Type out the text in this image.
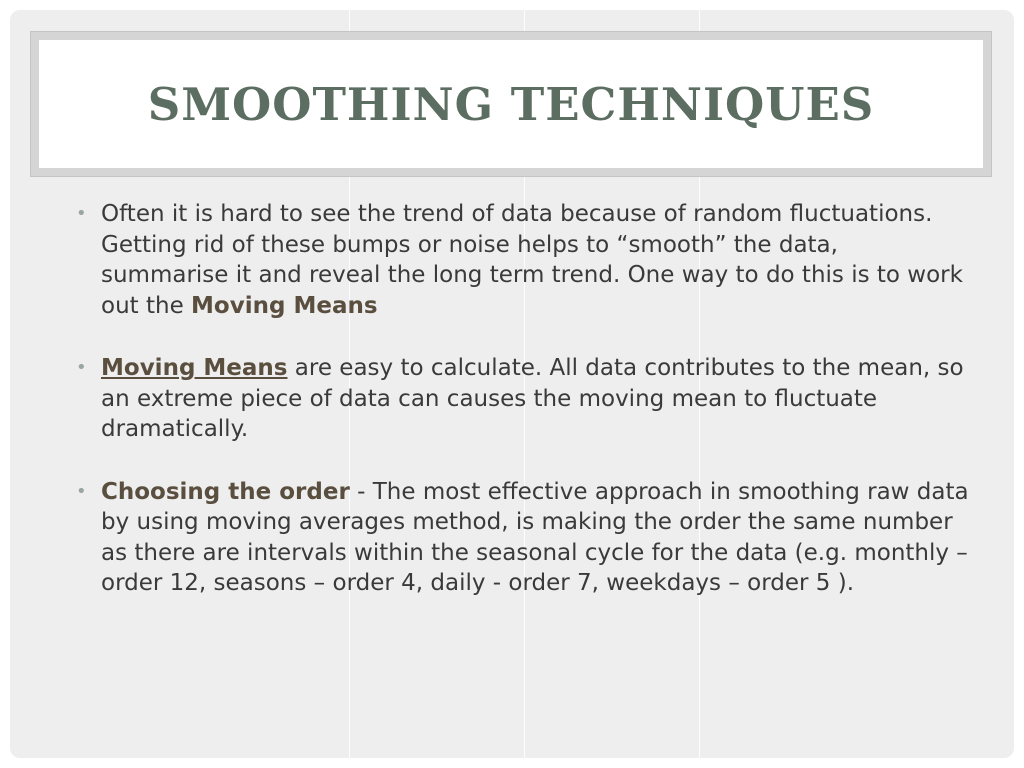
SMOOTHING TECHNIQUES

• Often it is hard to see the trend of data because of random fluctuations. Getting rid of these bumps or noise helps to “smooth” the data, summarise it and reveal the long term trend. One way to do this is to work out the Moving Means

• Moving Means are easy to calculate. All data contributes to the mean, so an extreme piece of data can causes the moving mean to fluctuate dramatically.

• Choosing the order - The most effective approach in smoothing raw data by using moving averages method, is making the order the same number as there are intervals within the seasonal cycle for the data (e.g. monthly – order 12, seasons – order 4, daily - order 7, weekdays – order 5 ).
